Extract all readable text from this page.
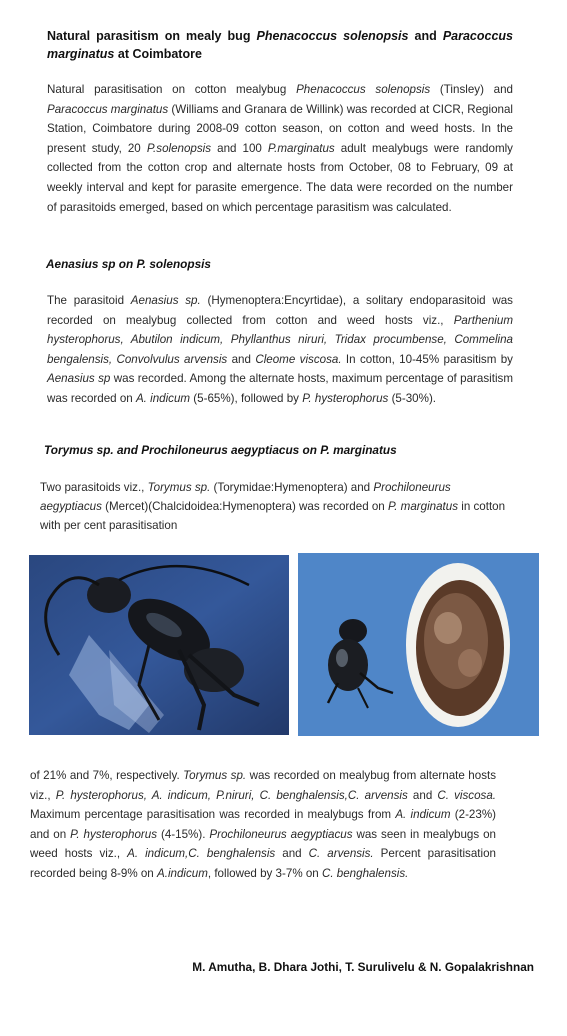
Natural parasitism on mealy bug Phenacoccus solenopsis and Paracoccus marginatus at Coimbatore
Natural parasitisation on cotton mealybug Phenacoccus solenopsis (Tinsley) and Paracoccus marginatus (Williams and Granara de Willink) was recorded at CICR, Regional Station, Coimbatore during 2008-09 cotton season, on cotton and weed hosts. In the present study, 20 P.solenopsis and 100 P.marginatus adult mealybugs were randomly collected from the cotton crop and alternate hosts from October, 08 to February, 09 at weekly interval and kept for parasite emergence. The data were recorded on the number of parasitoids emerged, based on which percentage parasitism was calculated.
Aenasius sp on P. solenopsis
The parasitoid Aenasius sp. (Hymenoptera:Encyrtidae), a solitary endoparasitoid was recorded on mealybug collected from cotton and weed hosts viz., Parthenium hysterophorus, Abutilon indicum, Phyllanthus niruri, Tridax procumbense, Commelina bengalensis, Convolvulus arvensis and Cleome viscosa. In cotton, 10-45% parasitism by Aenasius sp was recorded. Among the alternate hosts, maximum percentage of parasitism was recorded on A. indicum (5-65%), followed by P. hysterophorus (5-30%).
Torymus sp. and Prochiloneurus aegyptiacus on P. marginatus
Two parasitoids viz., Torymus sp. (Torymidae:Hymenoptera) and Prochiloneurus aegyptiacus (Mercet)(Chalcidoidea:Hymenoptera) was recorded on P. marginatus in cotton with per cent parasitisation
of 21% and 7%, respectively. Torymus sp. was recorded on mealybug from alternate hosts viz., P. hysterophorus, A. indicum, P.niruri, C. benghalensis,C. arvensis and C. viscosa. Maximum percentage parasitisation was recorded in mealybugs from A. indicum (2-23%) and on P. hysterophorus (4-15%). Prochiloneurus aegyptiacus was seen in mealybugs on weed hosts viz., A. indicum,C. benghalensis and C. arvensis. Percent parasitisation recorded being 8-9% on A.indicum, followed by 3-7% on C. benghalensis.
M. Amutha, B. Dhara Jothi, T. Surulivelu & N. Gopalakrishnan
